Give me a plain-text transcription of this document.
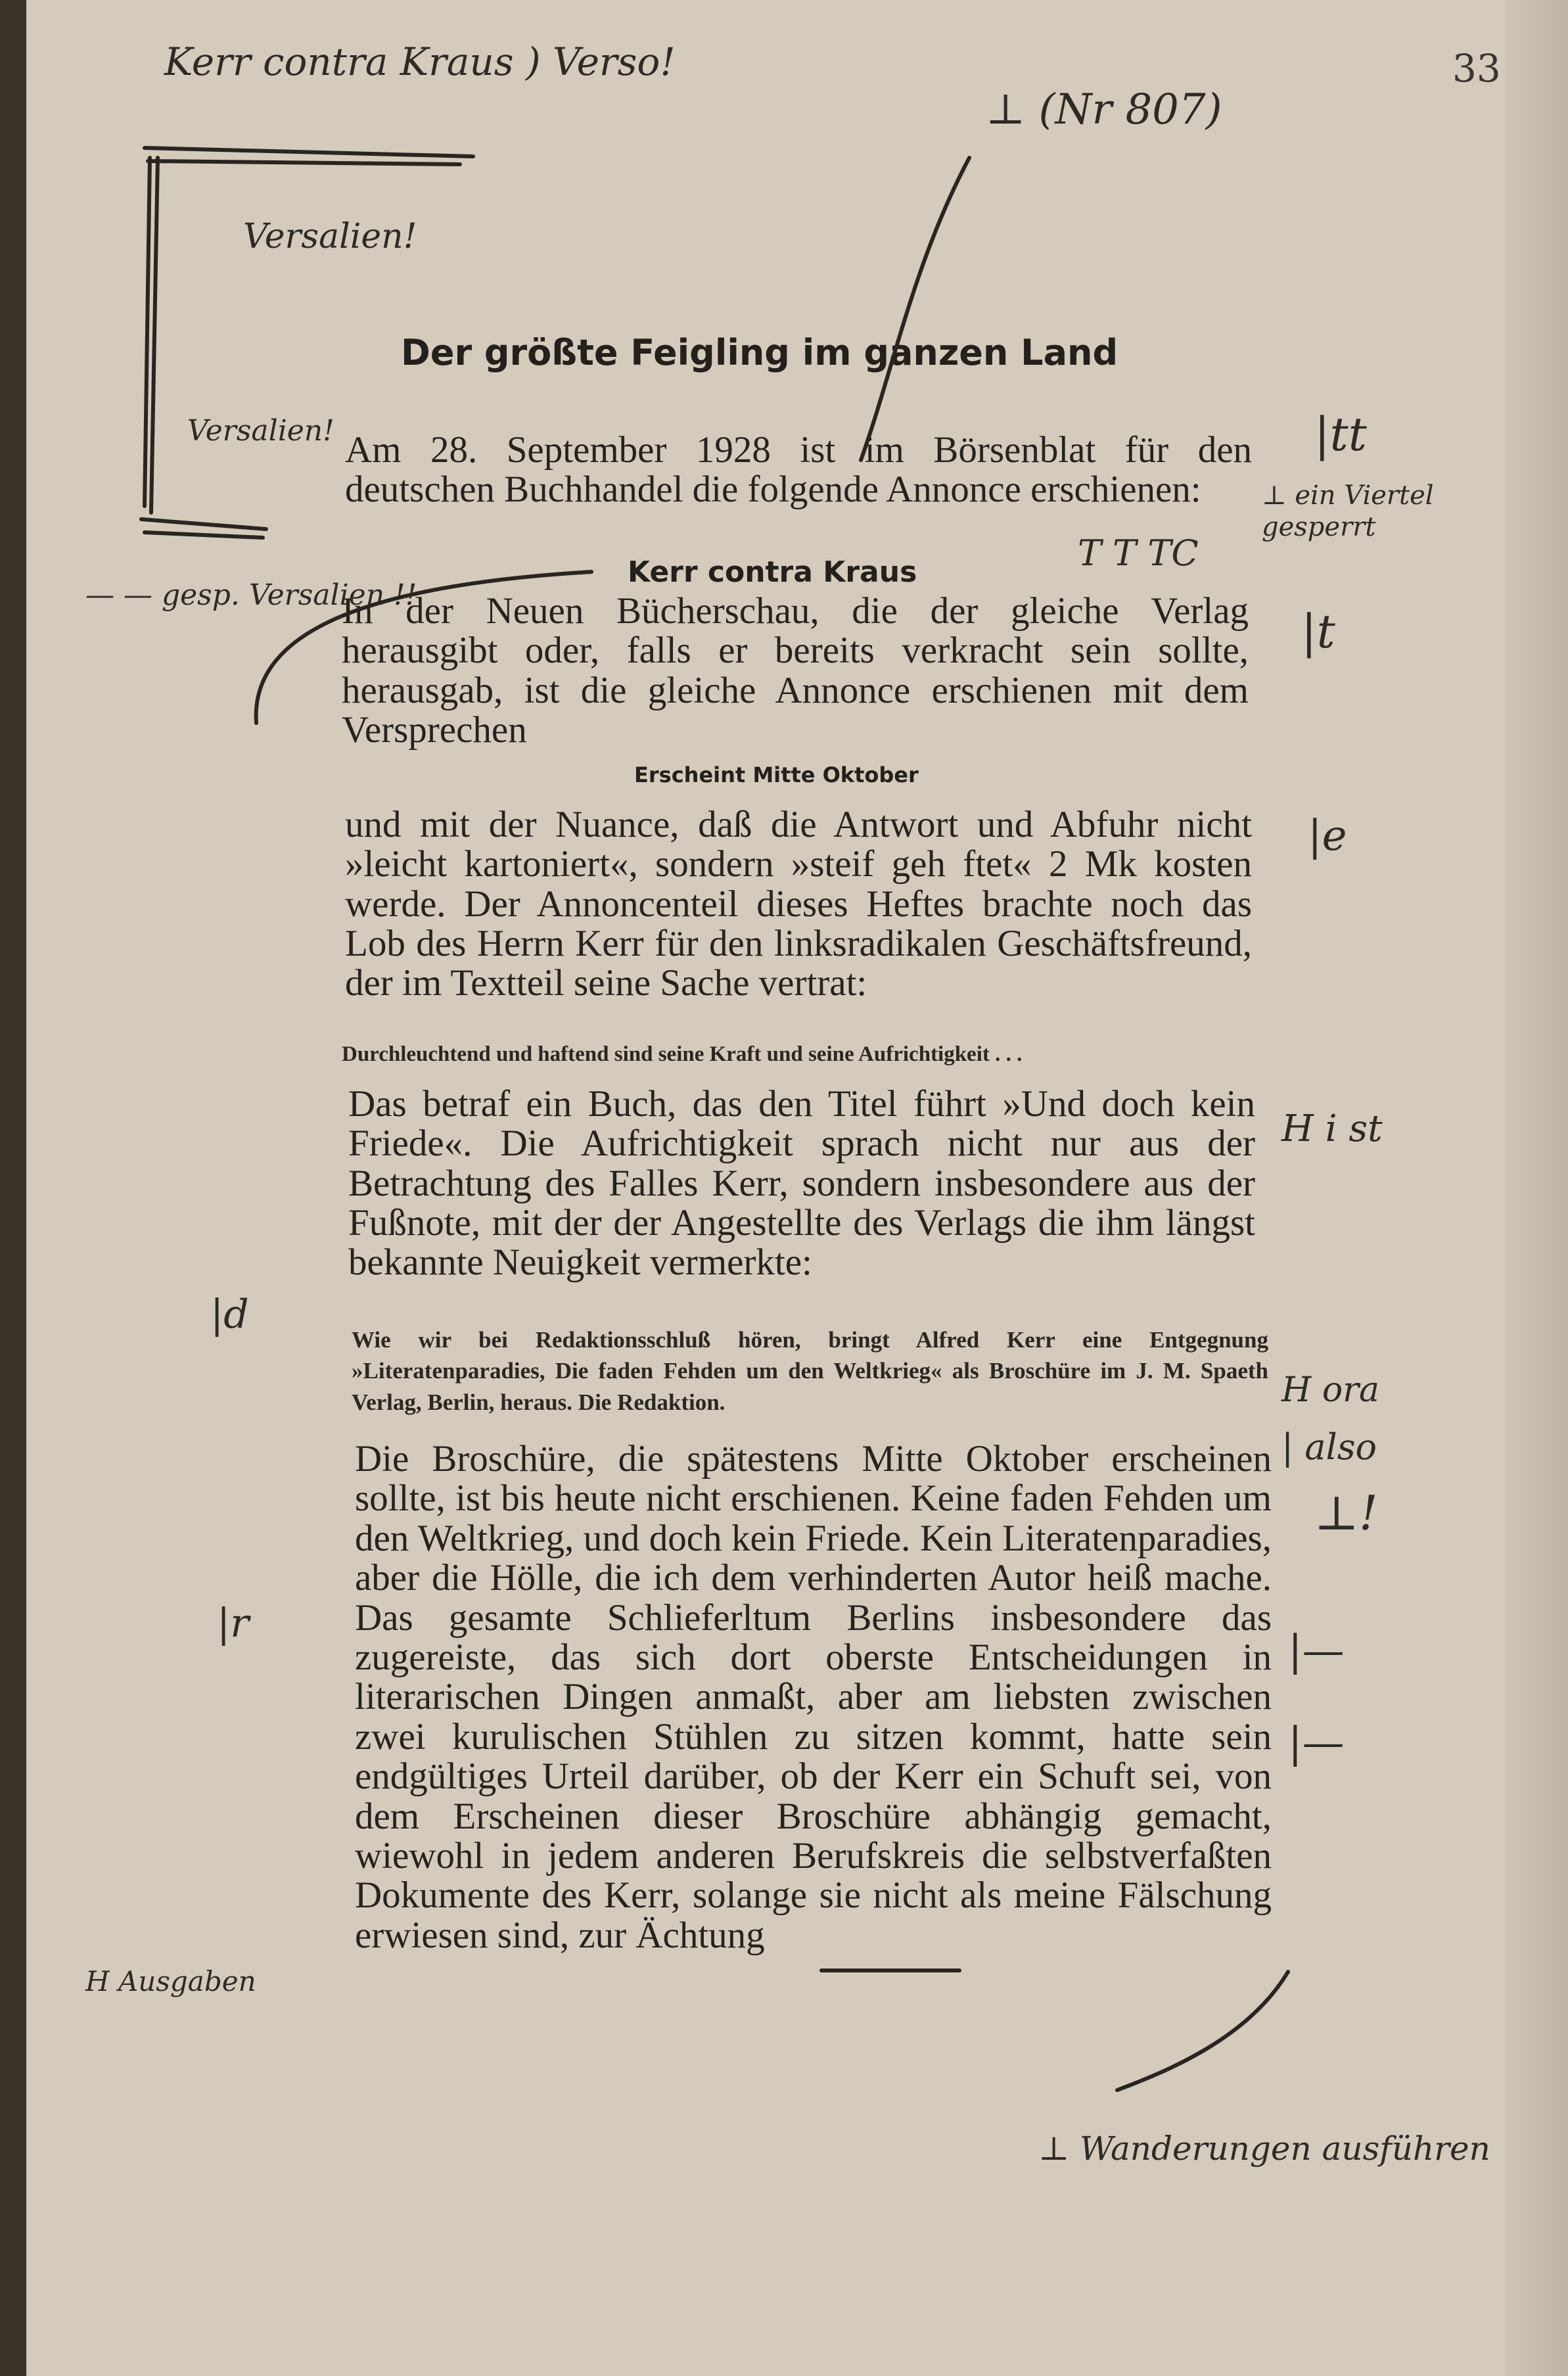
33
Der größte Feigling im ganzen Land
Am 28. September 1928 ist im Börsenblat für den deutschen Buchhandel die folgende Annonce erschienen:
Kerr contra Kraus
In der Neuen Bücherschau, die der gleiche Verlag herausgibt oder, falls er bereits verkracht sein sollte, herausgab, ist die gleiche Annonce erschienen mit dem Versprechen
Erscheint Mitte Oktober
und mit der Nuance, daß die Antwort und Abfuhr nicht »leicht kartoniert«, sondern »steif geh ftet« 2 Mk kosten werde. Der Annoncenteil dieses Heftes brachte noch das Lob des Herrn Kerr für den linksradikalen Geschäftsfreund, der im Textteil seine Sache vertrat:
Durchleuchtend und haftend sind seine Kraft und seine Aufrichtigkeit . . .
Das betraf ein Buch, das den Titel führt »Und doch kein Friede«. Die Aufrichtigkeit sprach nicht nur aus der Betrachtung des Falles Kerr, sondern insbesondere aus der Fußnote, mit der der Angestellte des Verlags die ihm längst bekannte Neuigkeit vermerkte:
Wie wir bei Redaktionsschluß hören, bringt Alfred Kerr eine Entgegnung »Literatenparadies, Die faden Fehden um den Weltkrieg« als Broschüre im J. M. Spaeth Verlag, Berlin, heraus. Die Redaktion.
Die Broschüre, die spätestens Mitte Oktober erscheinen sollte, ist bis heute nicht erschienen. Keine faden Fehden um den Weltkrieg, und doch kein Friede. Kein Literatenparadies, aber die Hölle, die ich dem verhinderten Autor heiß mache. Das gesamte Schlieferltum Berlins insbesondere das zugereiste, das sich dort oberste Entscheidungen in literarischen Dingen anmaßt, aber am liebsten zwischen zwei kurulischen Stühlen zu sitzen kommt, hatte sein endgültiges Urteil darüber, ob der Kerr ein Schuft sei, von dem Erscheinen dieser Broschüre abhängig gemacht, wiewohl in jedem anderen Berufskreis die selbstverfaßten Dokumente des Kerr, solange sie nicht als meine Fälschung erwiesen sind, zur Ächtung
Kerr contra Kraus ) Verso!
⊥ (Nr 807)
Versalien!
Versalien!
— — gesp. Versalien !!
⊥ ein Viertel gesperrt
T T TC
|tt
|t
|e
H i st
|d
H ora
| also
⊥!
|r
|—
|—
H Ausgaben
⊥ Wanderungen ausführen
